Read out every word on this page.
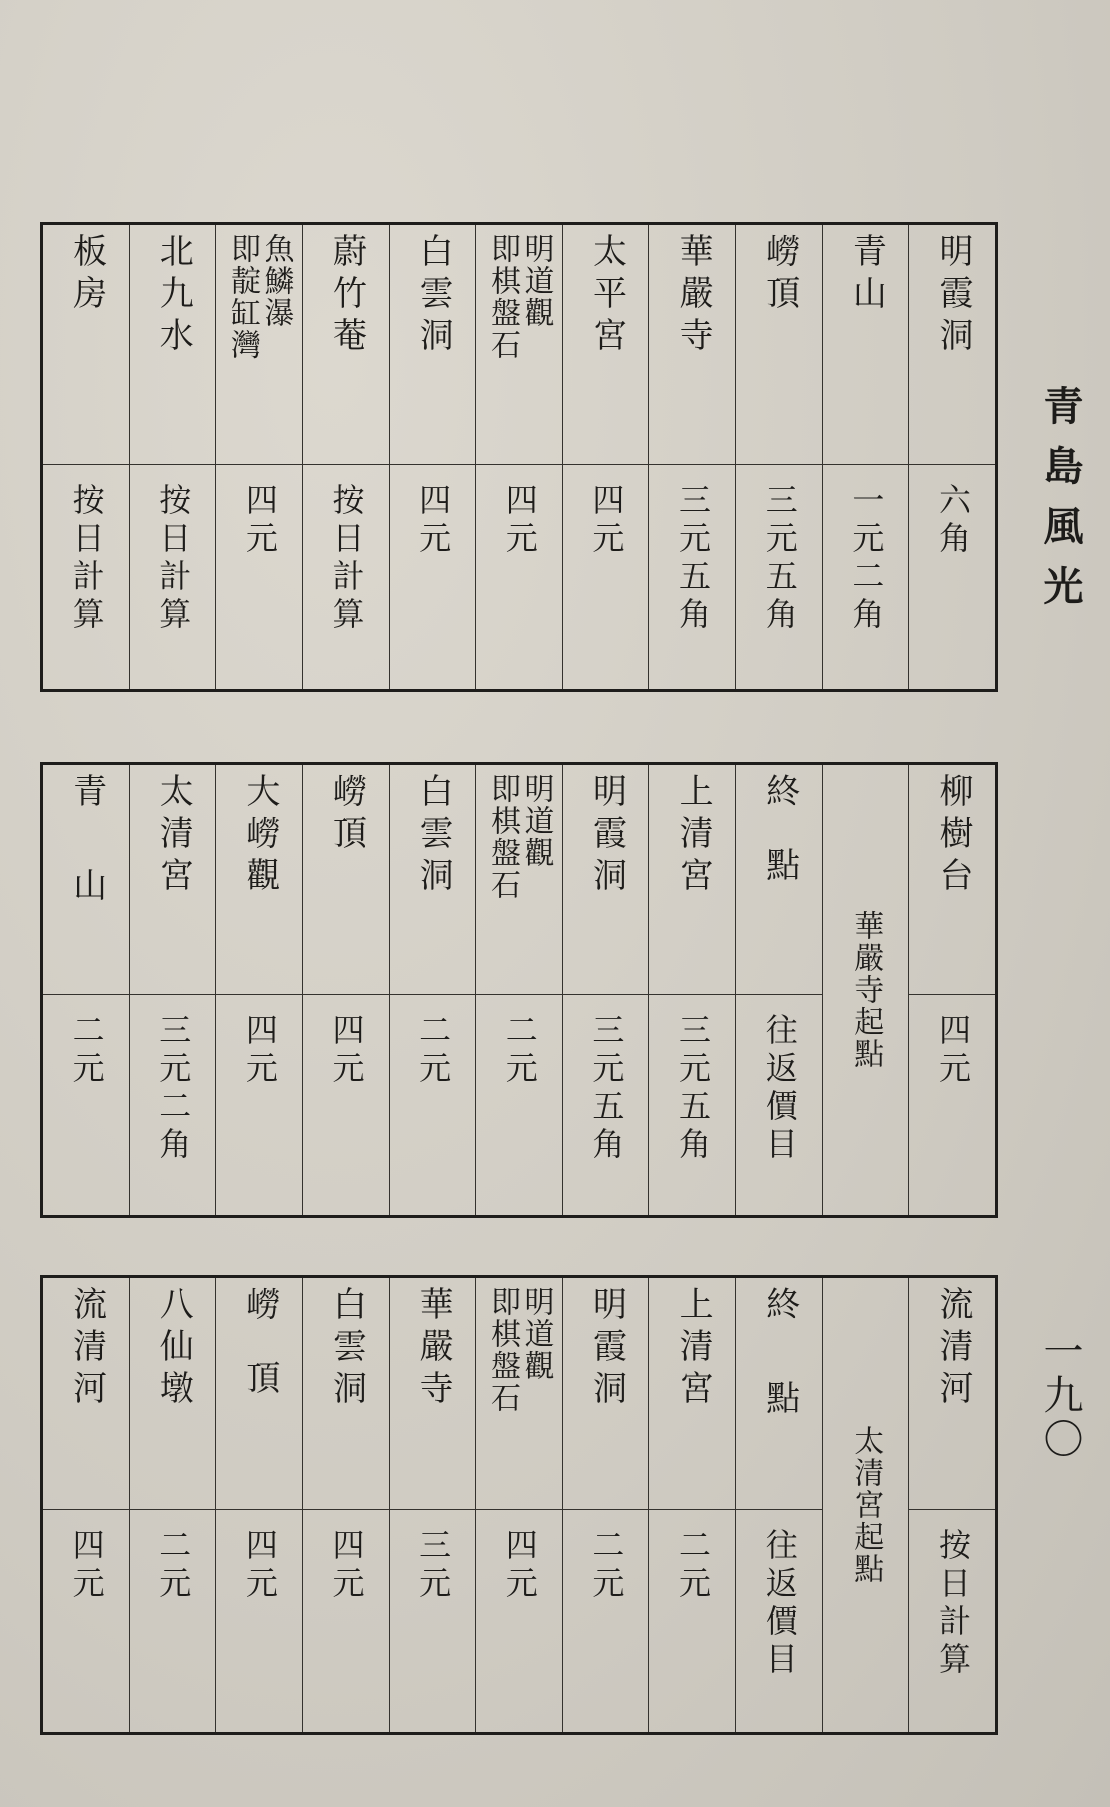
青島風光
一九〇
明霞洞
六角
青山
一元二角
嶗頂
三元五角
華嚴寺
三元五角
太平宮
四元
明道觀
即棋盤石
四元
白雲洞
四元
蔚竹菴
按日計算
魚鱗瀑
即靛缸灣
四元
北九水
按日計算
板房
按日計算
柳樹台
四元
華嚴寺起點
終點
往返價目
上清宮
三元五角
明霞洞
三元五角
明道觀
即棋盤石
二元
白雲洞
二元
嶗頂
四元
大嶗觀
四元
太清宮
三元二角
青山
二元
流清河
按日計算
太清宮起點
終點
往返價目
上清宮
二元
明霞洞
二元
明道觀
即棋盤石
四元
華嚴寺
三元
白雲洞
四元
嶗頂
四元
八仙墩
二元
流清河
四元
